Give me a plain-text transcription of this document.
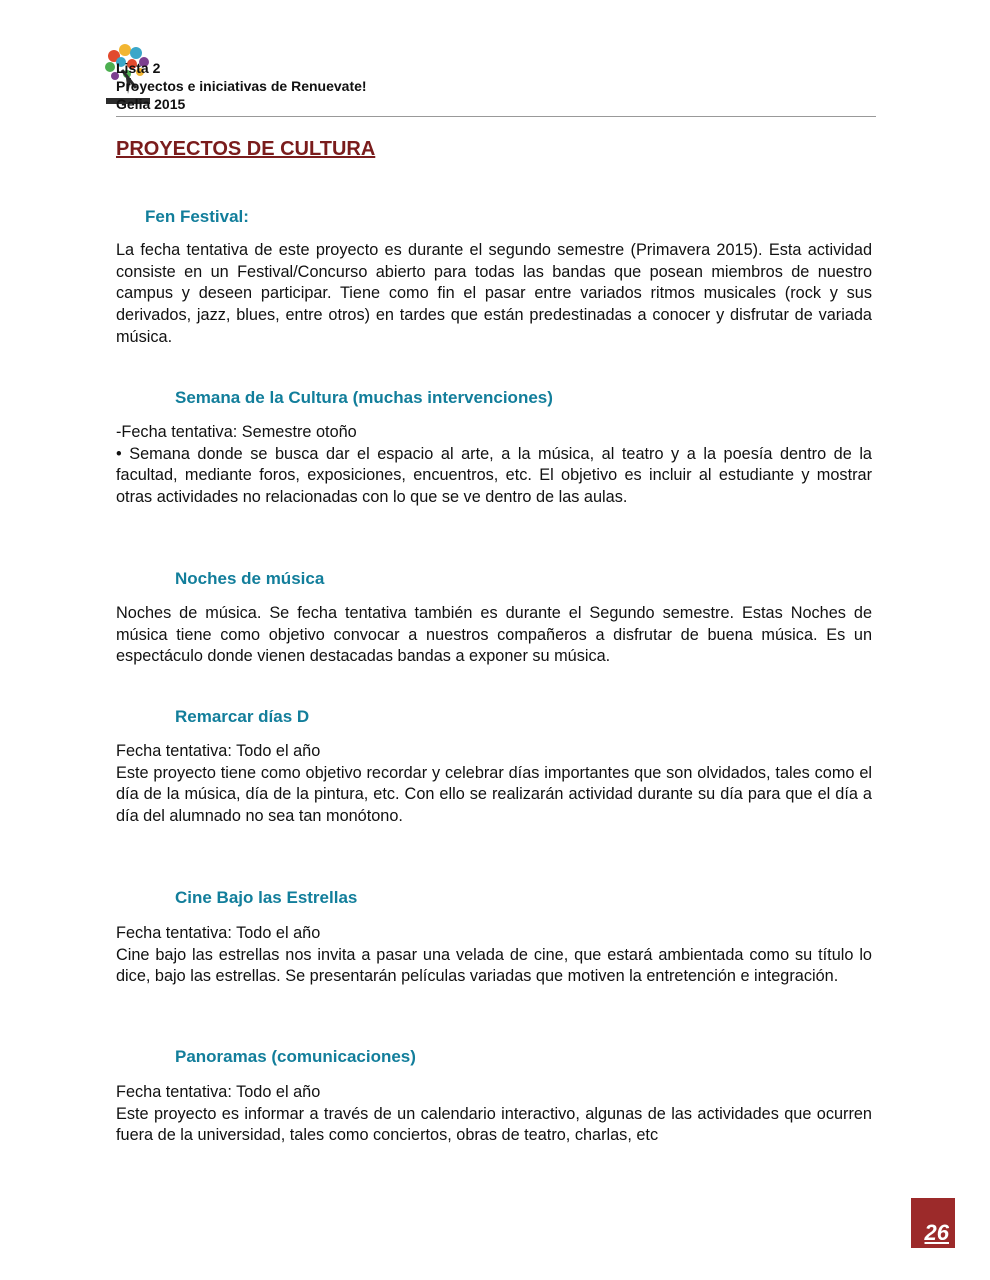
Lista 2
Proyectos e iniciativas de Renuevate!
Gelia 2015
PROYECTOS DE CULTURA
Fen Festival:

La fecha tentativa de este proyecto es durante el segundo semestre (Primavera 2015). Esta actividad consiste en un Festival/Concurso abierto para todas las bandas que posean miembros de nuestro campus y deseen participar. Tiene como fin el pasar entre variados ritmos musicales (rock y sus derivados, jazz, blues, entre otros) en tardes que están predestinadas a conocer y disfrutar de variada música.

Semana de la Cultura (muchas intervenciones)

-Fecha tentativa: Semestre otoño
• Semana donde se busca dar el espacio al arte, a la música, al teatro y a la poesía dentro de la facultad, mediante foros, exposiciones, encuentros, etc. El objetivo es incluir al estudiante y mostrar otras actividades no relacionadas con lo que se ve dentro de las aulas.

Noches de música

Noches de música. Se fecha tentativa también es durante el Segundo semestre. Estas Noches de música tiene como objetivo convocar a nuestros compañeros a disfrutar de buena música. Es un espectáculo donde vienen destacadas bandas a exponer su música.

Remarcar días D

Fecha tentativa: Todo el año
Este proyecto tiene como objetivo recordar y celebrar días importantes que son olvidados, tales como el día de la música, día de la pintura, etc. Con ello se realizarán actividad durante su día para que el día a día del alumnado no sea tan monótono.

Cine Bajo las Estrellas

Fecha tentativa: Todo el año
Cine bajo las estrellas nos invita a pasar una velada de cine, que estará ambientada como su título lo dice, bajo las estrellas. Se presentarán películas variadas que motiven la entretención e integración.

Panoramas (comunicaciones)

Fecha tentativa: Todo el año
Este proyecto es informar a través de un calendario interactivo, algunas de las actividades que ocurren fuera de la universidad, tales como conciertos, obras de teatro, charlas, etc

26
